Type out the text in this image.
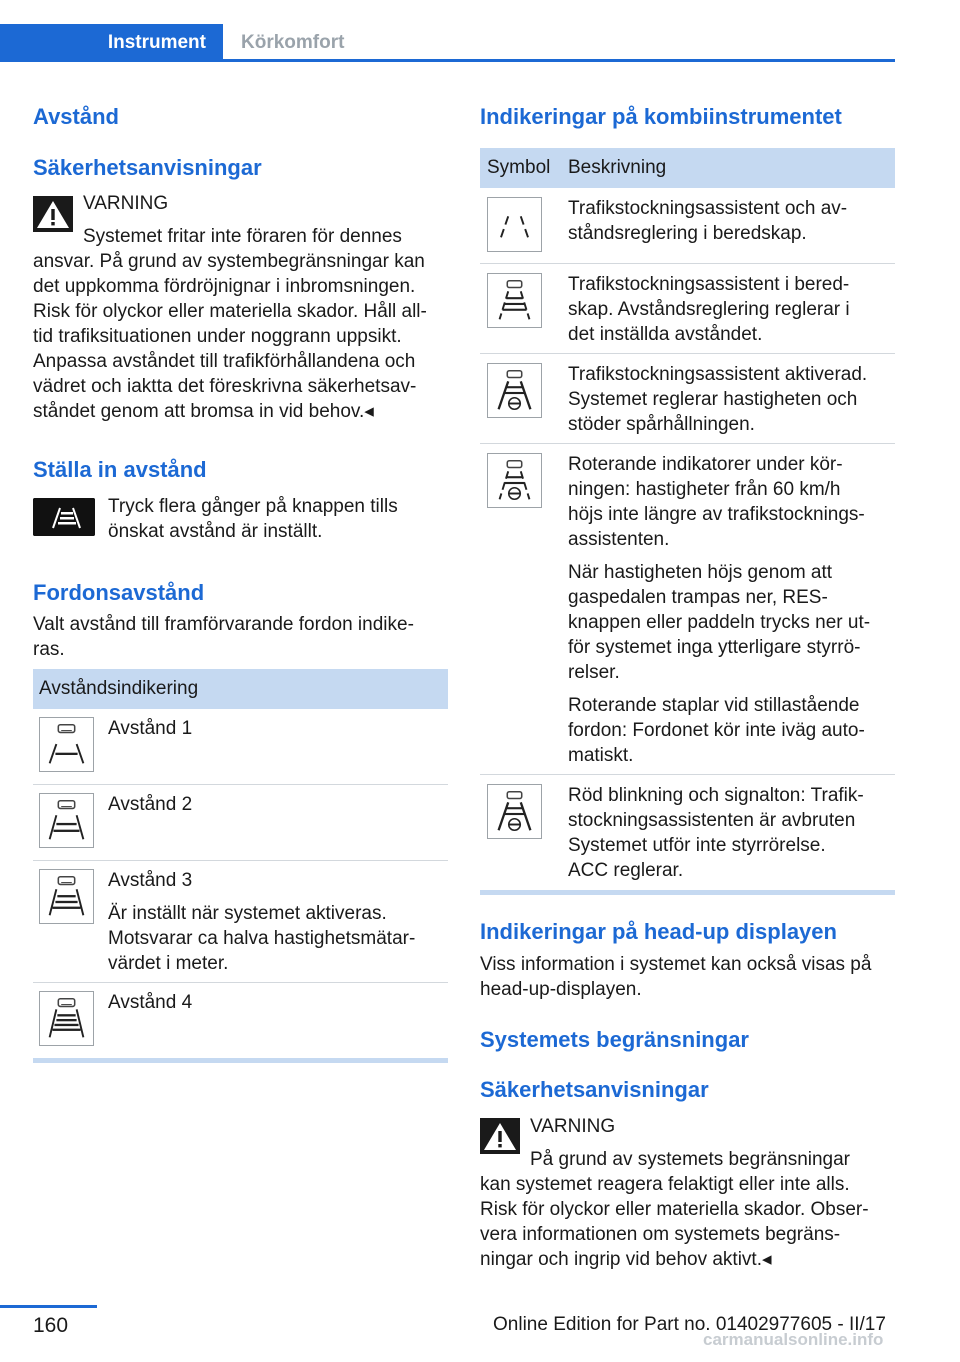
Instrument	Körkomfort
Avstånd
Säkerhetsanvisningar
VARNING
Systemet fritar inte föraren för dennes
ansvar. På grund av systembegränsningar kan
det uppkomma fördröjnignar i inbromsningen.
Risk för olyckor eller materiella skador. Håll all‐
tid trafiksituationen under noggrann uppsikt.
Anpassa avståndet till trafikförhållandena och
vädret och iaktta det föreskrivna säkerhetsav‐
ståndet genom att bromsa in vid behov.◂
Ställa in avstånd
Tryck flera gånger på knappen tills
önskat avstånd är inställt.
Fordonsavstånd
Valt avstånd till framförvarande fordon indike‐
ras.
Avståndsindikering
Avstånd 1
Avstånd 2
Avstånd 3
Är inställt när systemet aktiveras.
Motsvarar ca halva hastighetsmätar‐
värdet i meter.
Avstånd 4
Indikeringar på kombiinstrumentet
Symbol Beskrivning
Trafikstockningsassistent och av‐
ståndsreglering i beredskap.
Trafikstockningsassistent i bered‐
skap. Avståndsreglering reglerar i
det inställda avståndet.
Trafikstockningsassistent aktiverad.
Systemet reglerar hastigheten och
stöder spårhållningen.
Roterande indikatorer under kör‐
ningen: hastigheter från 60 km/h
höjs inte längre av trafikstocknings‐
assistenten.
När hastigheten höjs genom att
gaspedalen trampas ner, RES-
knappen eller paddeln trycks ner ut‐
för systemet inga ytterligare styrrö‐
relser.
Roterande staplar vid stillastående
fordon: Fordonet kör inte iväg auto‐
matiskt.
Röd blinkning och signalton: Trafik‐
stockningsassistenten är avbruten
Systemet utför inte styrrörelse.
ACC reglerar.
Indikeringar på head-up displayen
Viss information i systemet kan också visas på
head-up-displayen.
Systemets begränsningar
Säkerhetsanvisningar
VARNING
På grund av systemets begränsningar
kan systemet reagera felaktigt eller inte alls.
Risk för olyckor eller materiella skador. Obser‐
vera informationen om systemets begräns‐
ningar och ingrip vid behov aktivt.◂
160	Online Edition for Part no. 01402977605 - II/17
carmanualsonline.info
